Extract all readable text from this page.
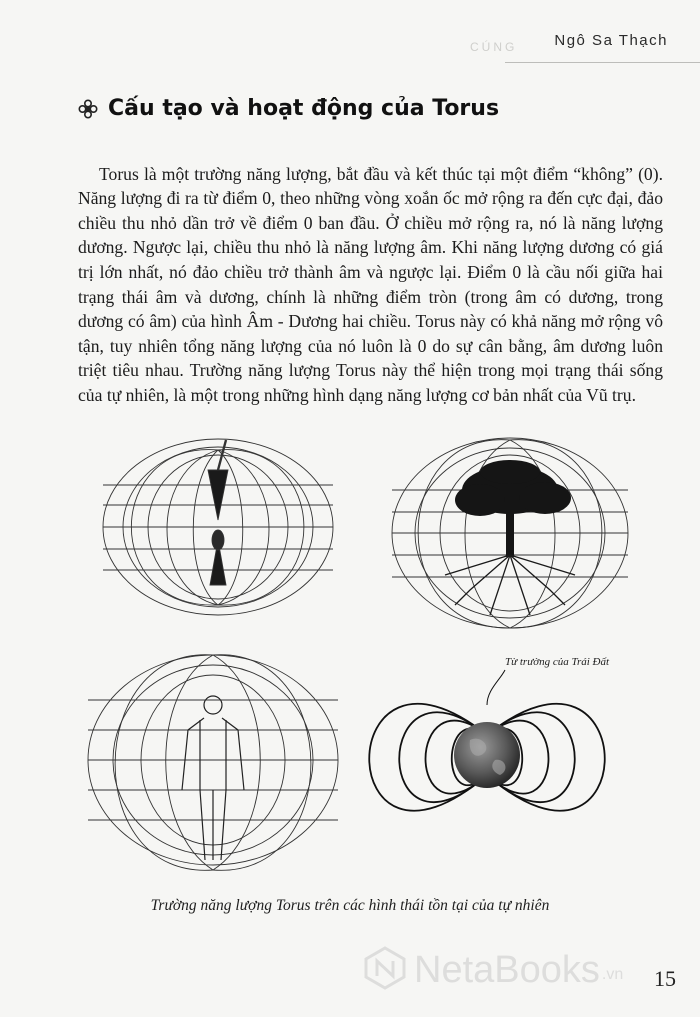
CÚNG Ngô Sa Thạch
Cấu tạo và hoạt động của Torus

Torus là một trường năng lượng, bắt đầu và kết thúc tại một điểm “không” (0). Năng lượng đi ra từ điểm 0, theo những vòng xoắn ốc mở rộng ra đến cực đại, đảo chiều thu nhỏ dần trở về điểm 0 ban đầu. Ở chiều mở rộng ra, nó là năng lượng dương. Ngược lại, chiều thu nhỏ là năng lượng âm. Khi năng lượng dương có giá trị lớn nhất, nó đảo chiều trở thành âm và ngược lại. Điểm 0 là cầu nối giữa hai trạng thái âm và dương, chính là những điểm tròn (trong âm có dương, trong dương có âm) của hình Âm - Dương hai chiều. Torus này có khả năng mở rộng vô tận, tuy nhiên tổng năng lượng của nó luôn là 0 do sự cân bằng, âm dương luôn triệt tiêu nhau. Trường năng lượng Torus này thể hiện trong mọi trạng thái sống của tự nhiên, là một trong những hình dạng năng lượng cơ bản nhất của Vũ trụ.

Từ trường của Trái Đất
Trường năng lượng Torus trên các hình thái tồn tại của tự nhiên
NetaBooks .vn 15
